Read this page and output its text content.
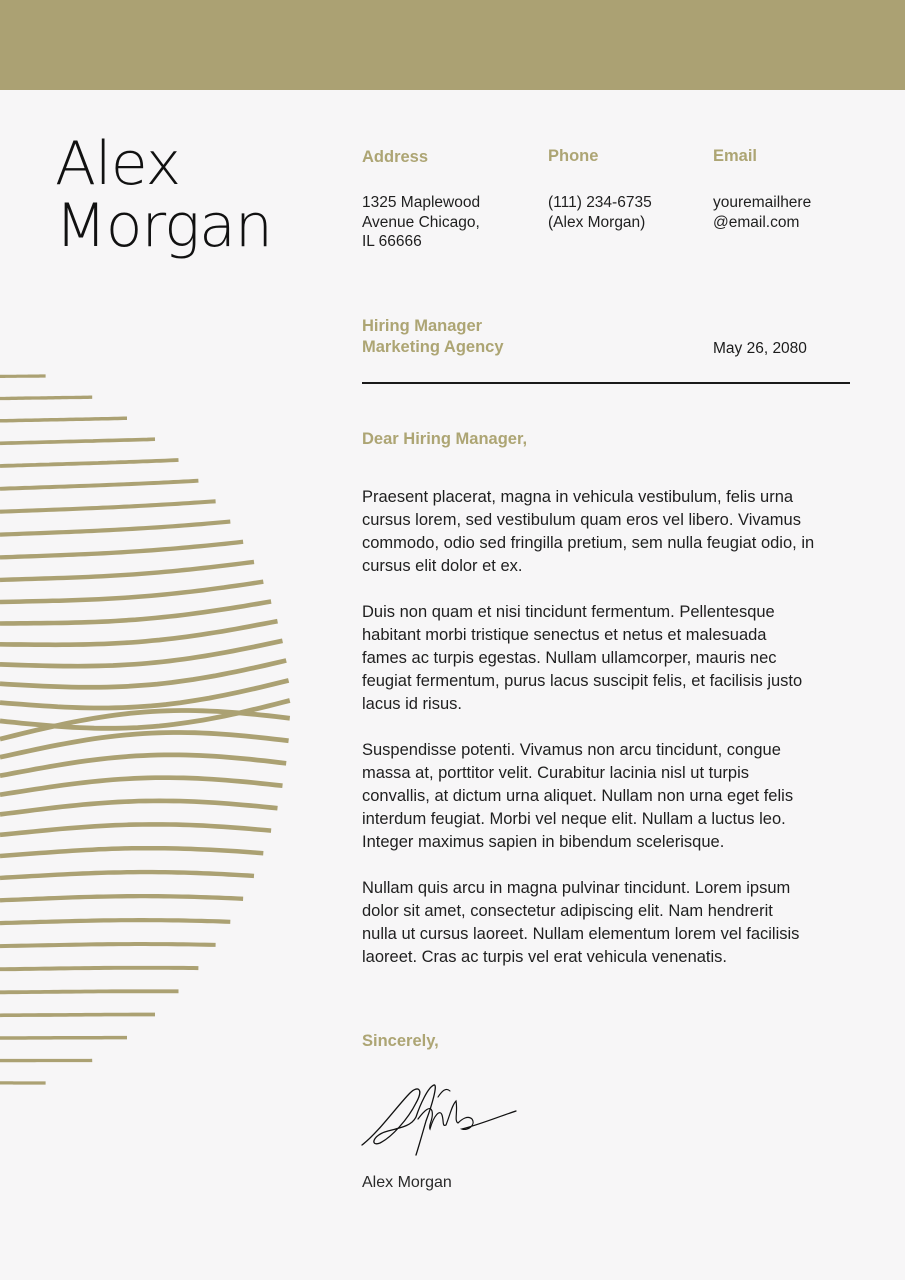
Alex
Morgan
Address
1325 Maplewood
Avenue Chicago,
IL 66666
Phone
(111) 234-6735
(Alex Morgan)
Email
youremailhere
@email.com
Hiring Manager
Marketing Agency	May 26, 2080
Dear Hiring Manager,

Praesent placerat, magna in vehicula vestibulum, felis urna
cursus lorem, sed vestibulum quam eros vel libero. Vivamus
commodo, odio sed fringilla pretium, sem nulla feugiat odio, in
cursus elit dolor et ex.

Duis non quam et nisi tincidunt fermentum. Pellentesque
habitant morbi tristique senectus et netus et malesuada
fames ac turpis egestas. Nullam ullamcorper, mauris nec
feugiat fermentum, purus lacus suscipit felis, et facilisis justo
lacus id risus.

Suspendisse potenti. Vivamus non arcu tincidunt, congue
massa at, porttitor velit. Curabitur lacinia nisl ut turpis
convallis, at dictum urna aliquet. Nullam non urna eget felis
interdum feugiat. Morbi vel neque elit. Nullam a luctus leo.
Integer maximus sapien in bibendum scelerisque.

Nullam quis arcu in magna pulvinar tincidunt. Lorem ipsum
dolor sit amet, consectetur adipiscing elit. Nam hendrerit
nulla ut cursus laoreet. Nullam elementum lorem vel facilisis
laoreet. Cras ac turpis vel erat vehicula venenatis.

Sincerely,
Alex Morgan
